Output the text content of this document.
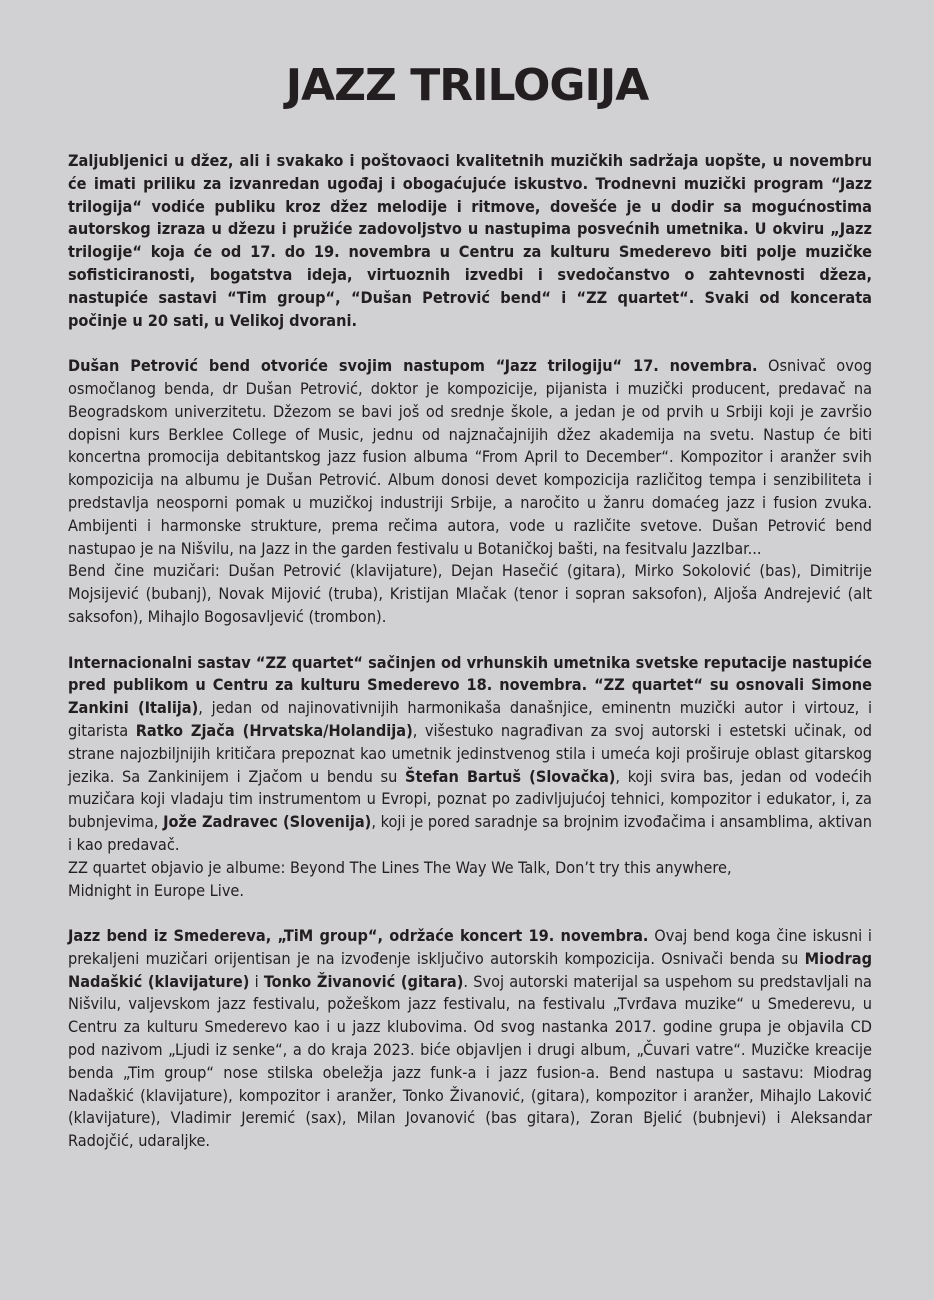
JAZZ TRILOGIJA

Zaljubljenici u džez, ali i svakako i poštovaoci kvalitetnih muzičkih sadržaja uopšte, u novembru će imati priliku za izvanredan ugođaj i obogaćujuće iskustvo. Trodnevni muzički program “Jazz trilogija“ vodiće publiku kroz džez melodije i ritmove, dovešće je u dodir sa mogućnostima autorskog izraza u džezu i pružiće zadovoljstvo u nastupima posvećnih umetnika. U okviru „Jazz trilogije“ koja će od 17. do 19. novembra u Centru za kulturu Smederevo biti polje muzičke sofisticiranosti, bogatstva ideja, virtuoznih izvedbi i svedočanstvo o zahtevnosti džeza, nastupiće sastavi “Tim group“, “Dušan Petrović bend“ i “ZZ quartet“. Svaki od koncerata počinje u 20 sati, u Velikoj dvorani.

Dušan Petrović bend otvoriće svojim nastupom “Jazz trilogiju“ 17. novembra. Osnivač ovog osmočlanog benda, dr Dušan Petrović, doktor je kompozicije, pijanista i muzički producent, predavač na Beogradskom univerzitetu. Džezom se bavi još od srednje škole, a jedan je od prvih u Srbiji koji je završio dopisni kurs Berklee College of Music, jednu od najznačajnijih džez akademija na svetu. Nastup će biti koncertna promocija debitantskog jazz fusion albuma “From April to December“. Kompozitor i aranžer svih kompozicija na albumu je Dušan Petrović. Album donosi devet kompozicija različitog tempa i senzibiliteta i predstavlja neosporni pomak u muzičkoj industriji Srbije, a naročito u žanru domaćeg jazz i fusion zvuka. Ambijenti i harmonske strukture, prema rečima autora, vode u različite svetove. Dušan Petrović bend nastupao je na Nišvilu, na Jazz in the garden festivalu u Botaničkoj bašti, na fesitvalu JazzIbar...
Bend čine muzičari: Dušan Petrović (klavijature), Dejan Hasečić (gitara), Mirko Sokolović (bas), Dimitrije Mojsijević (bubanj), Novak Mijović (truba), Kristijan Mlačak (tenor i sopran saksofon), Aljoša Andrejević (alt saksofon), Mihajlo Bogosavljević (trombon).

Internacionalni sastav “ZZ quartet“ sačinjen od vrhunskih umetnika svetske reputacije nastupiće pred publikom u Centru za kulturu Smederevo 18. novembra. “ZZ quartet“ su osnovali Simone Zankini (Italija), jedan od najinovativnijih harmonikaša današnjice, eminentn muzički autor i virtouz, i gitarista Ratko Zjača (Hrvatska/Holandija), višestuko nagrađivan za svoj autorski i estetski učinak, od strane najozbiljnijih kritičara prepoznat kao umetnik jedinstvenog stila i umeća koji proširuje oblast gitarskog jezika. Sa Zankinijem i Zjačom u bendu su Štefan Bartuš (Slovačka), koji svira bas, jedan od vodećih muzičara koji vladaju tim instrumentom u Evropi, poznat po zadivljujućoj tehnici, kompozitor i edukator, i, za bubnjevima, Jože Zadravec (Slovenija), koji je pored saradnje sa brojnim izvođačima i ansamblima, aktivan i kao predavač.
ZZ quartet objavio je albume: Beyond The Lines The Way We Talk, Don’t try this anywhere,
Midnight in Europe Live.

Jazz bend iz Smedereva, „TiM group“, održaće koncert 19. novembra. Ovaj bend koga čine iskusni i prekaljeni muzičari orijentisan je na izvođenje isključivo autorskih kompozicija. Osnivači benda su Miodrag Nadaškić (klavijature) i Tonko Živanović (gitara). Svoj autorski materijal sa uspehom su predstavljali na Nišvilu, valjevskom jazz festivalu, požeškom jazz festivalu, na festivalu „Tvrđava muzike“ u Smederevu, u Centru za kulturu Smederevo kao i u jazz klubovima. Od svog nastanka 2017. godine grupa je objavila CD pod nazivom „Ljudi iz senke“, a do kraja 2023. biće objavljen i drugi album, „Čuvari vatre“. Muzičke kreacije benda „Tim group“ nose stilska obeležja jazz funk-a i jazz fusion-a. Bend nastupa u sastavu: Miodrag Nadaškić (klavijature), kompozitor i aranžer, Tonko Živanović, (gitara), kompozitor i aranžer, Mihajlo Laković (klavijature), Vladimir Jeremić (sax), Milan Jovanović (bas gitara), Zoran Bjelić (bubnjevi) i Aleksandar Radojčić, udaraljke.
